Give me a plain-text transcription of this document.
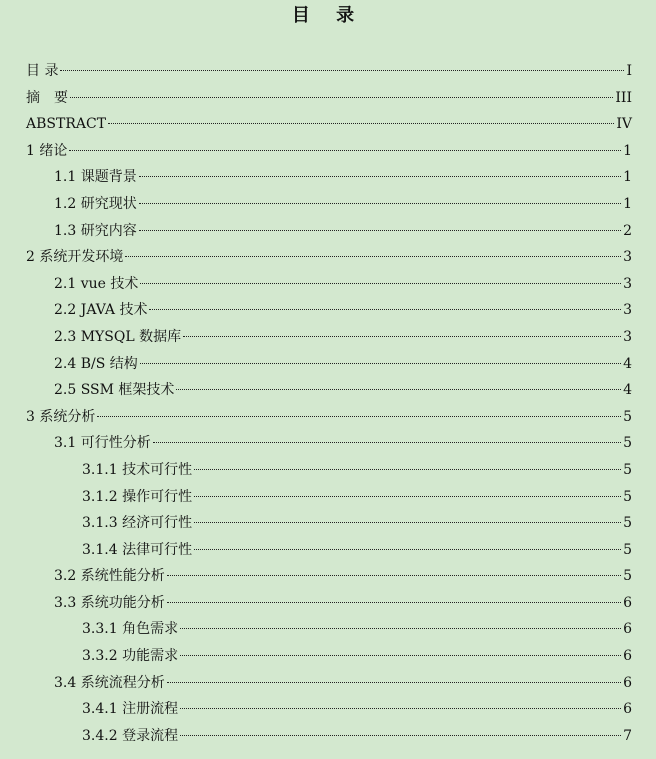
目 录
目 录	I
摘　要	III
ABSTRACT	IV
1 绪论	1
1.1 课题背景	1
1.2 研究现状	1
1.3 研究内容	2
2 系统开发环境	3
2.1 vue 技术	3
2.2 JAVA 技术	3
2.3 MYSQL 数据库	3
2.4 B/S 结构	4
2.5 SSM 框架技术	4
3 系统分析	5
3.1 可行性分析	5
3.1.1 技术可行性	5
3.1.2 操作可行性	5
3.1.3 经济可行性	5
3.1.4 法律可行性	5
3.2 系统性能分析	5
3.3 系统功能分析	6
3.3.1 角色需求	6
3.3.2 功能需求	6
3.4 系统流程分析	6
3.4.1 注册流程	6
3.4.2 登录流程	7
